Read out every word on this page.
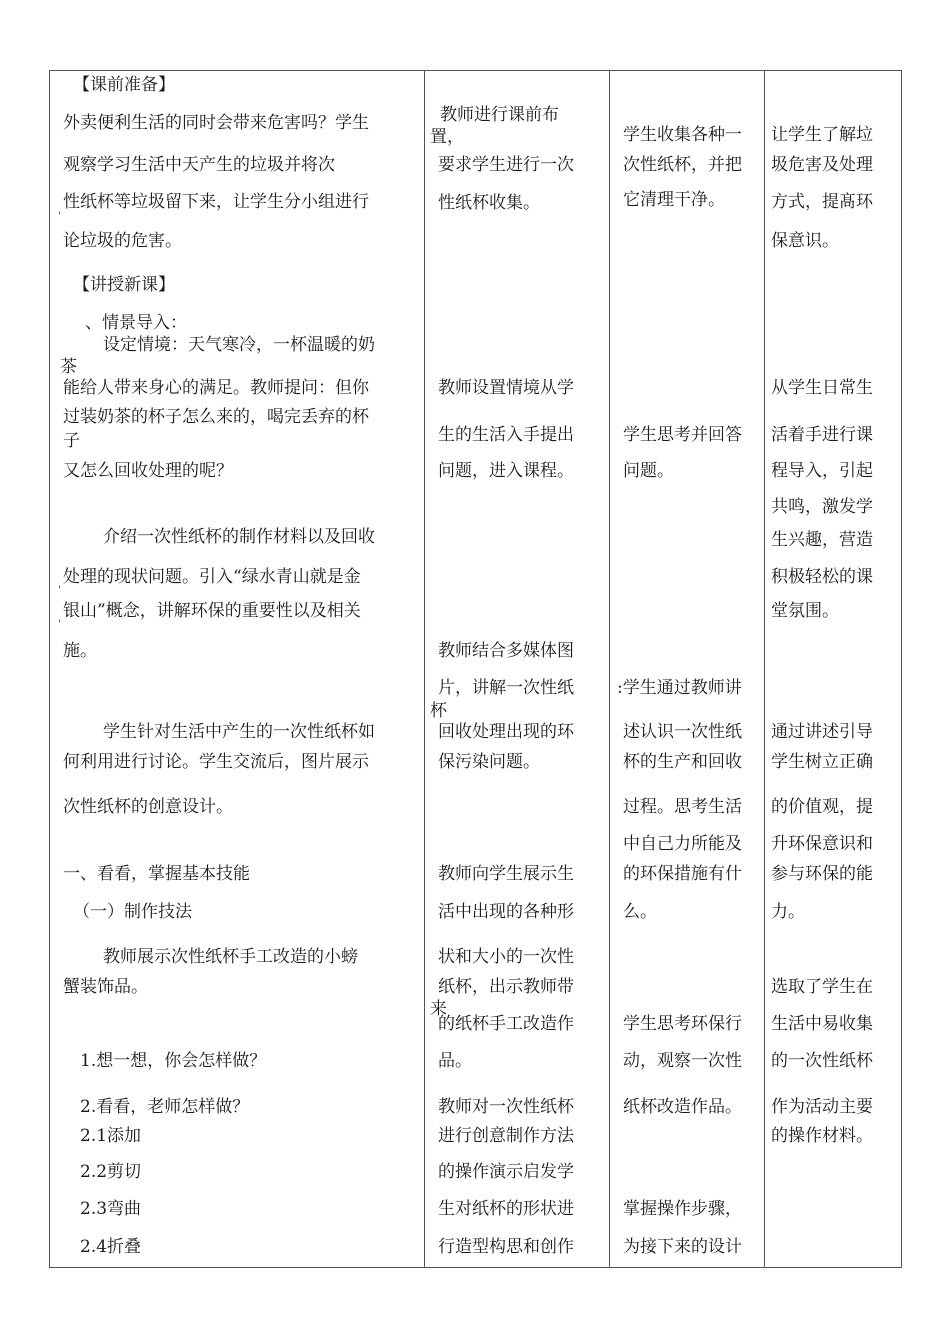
'
'
'
【课前准备】
外卖便利生活的同时会带来危害吗？学生
观察学习生活中天产生的垃圾并将次
性纸杯等垃圾留下来，让学生分小组进行
论垃圾的危害。
【讲授新课】
、情景导入：
设定情境：天气寒冷，一杯温暖的奶
茶
能给人带来身心的满足。教师提问：但你
过装奶茶的杯子怎么来的，喝完丢弃的杯
子
又怎么回收处理的呢？
介绍一次性纸杯的制作材料以及回收
处理的现状问题。引入“绿水青山就是金
银山”概念，讲解环保的重要性以及相关
施。
学生针对生活中产生的一次性纸杯如
何利用进行讨论。学生交流后，图片展示
次性纸杯的创意设计。
一、看看，掌握基本技能
（一）制作技法
教师展示次性纸杯手工改造的小螃
蟹装饰品。
1.想一想，你会怎样做？
2.看看，老师怎样做？
2.1添加
2.2剪切
2.3弯曲
2.4折叠
教师进行课前布
置，
要求学生进行一次
性纸杯收集。
教师设置情境从学
生的生活入手提出
问题，进入课程。
教师结合多媒体图
片，讲解一次性纸
杯
回收处理出现的环
保污染问题。
教师向学生展示生
活中出现的各种形
状和大小的一次性
纸杯，出示教师带
来
的纸杯手工改造作
品。
教师对一次性纸杯
进行创意制作方法
的操作演示启发学
生对纸杯的形状进
行造型构思和创作
学生收集各种一
次性纸杯，并把
它清理干净。
学生思考并回答
问题。
:学生通过教师讲
述认识一次性纸
杯的生产和回收
过程。思考生活
中自己力所能及
的环保措施有什
么。
学生思考环保行
动，观察一次性
纸杯改造作品。
掌握操作步骤，
为接下来的设计
让学生了解垃
圾危害及处理
方式，提髙环
保意识。
从学生日常生
活着手进行课
程导入，引起
共鸣，激发学
生兴趣，营造
积极轻松的课
堂氛围。
通过讲述引导
学生树立正确
的价值观，提
升环保意识和
参与环保的能
力。
选取了学生在
生活中易收集
的一次性纸杯
作为活动主要
的操作材料。
